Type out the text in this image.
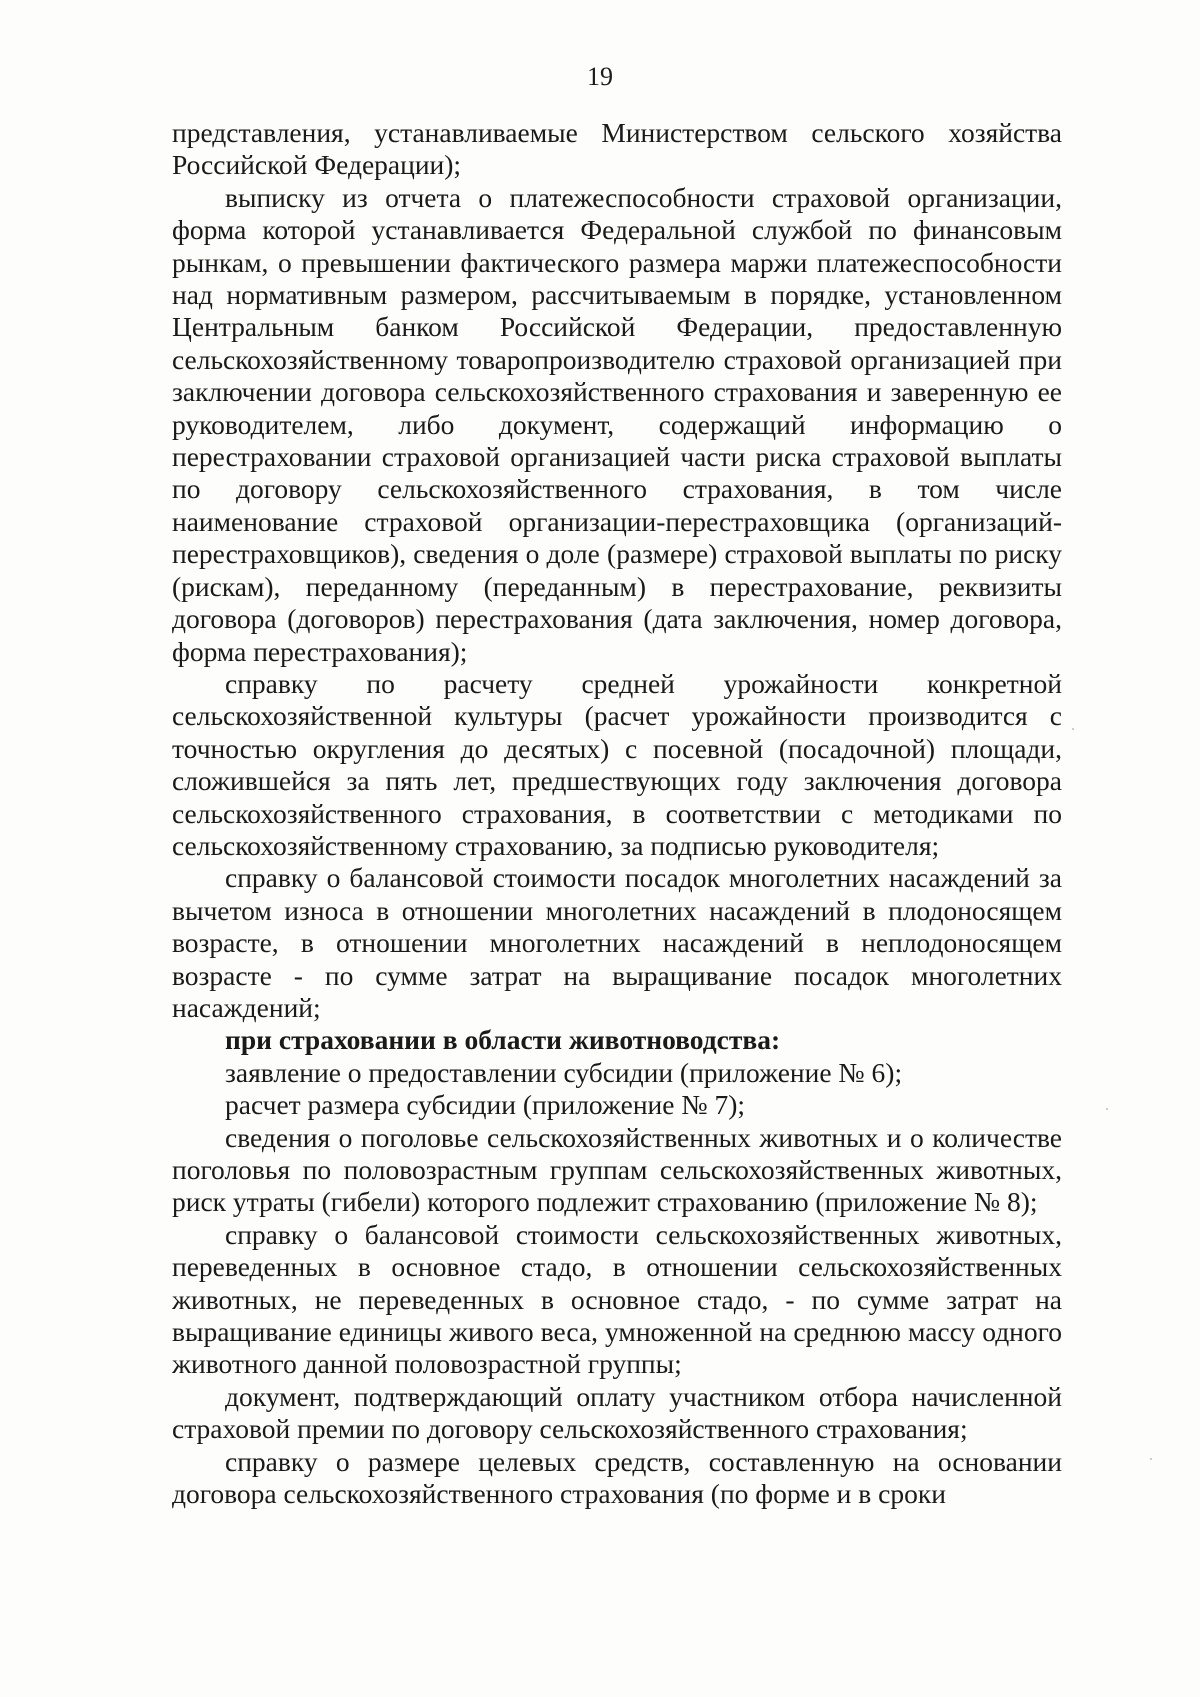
19

представления, устанавливаемые Министерством сельского хозяйства Российской Федерации);

выписку из отчета о платежеспособности страховой организации, форма которой устанавливается Федеральной службой по финансовым рынкам, о превышении фактического размера маржи платежеспособности над нормативным размером, рассчитываемым в порядке, установленном Центральным банком Российской Федерации, предоставленную сельскохозяйственному товаропроизводителю страховой организацией при заключении договора сельскохозяйственного страхования и заверенную ее руководителем, либо документ, содержащий информацию о перестраховании страховой организацией части риска страховой выплаты по договору сельскохозяйственного страхования, в том числе наименование страховой организации-перестраховщика (организаций-перестраховщиков), сведения о доле (размере) страховой выплаты по риску (рискам), переданному (переданным) в перестрахование, реквизиты договора (договоров) перестрахования (дата заключения, номер договора, форма перестрахования);

справку по расчету средней урожайности конкретной сельскохозяйственной культуры (расчет урожайности производится с точностью округления до десятых) с посевной (посадочной) площади, сложившейся за пять лет, предшествующих году заключения договора сельскохозяйственного страхования, в соответствии с методиками по сельскохозяйственному страхованию, за подписью руководителя;

справку о балансовой стоимости посадок многолетних насаждений за вычетом износа в отношении многолетних насаждений в плодоносящем возрасте, в отношении многолетних насаждений в неплодоносящем возрасте - по сумме затрат на выращивание посадок многолетних насаждений;

при страховании в области животноводства:

заявление о предоставлении субсидии (приложение № 6);

расчет размера субсидии (приложение № 7);

сведения о поголовье сельскохозяйственных животных и о количестве поголовья по половозрастным группам сельскохозяйственных животных, риск утраты (гибели) которого подлежит страхованию (приложение № 8);

справку о балансовой стоимости сельскохозяйственных животных, переведенных в основное стадо, в отношении сельскохозяйственных животных, не переведенных в основное стадо, - по сумме затрат на выращивание единицы живого веса, умноженной на среднюю массу одного животного данной половозрастной группы;

документ, подтверждающий оплату участником отбора начисленной страховой премии по договору сельскохозяйственного страхования;

справку о размере целевых средств, составленную на основании договора сельскохозяйственного страхования (по форме и в сроки
